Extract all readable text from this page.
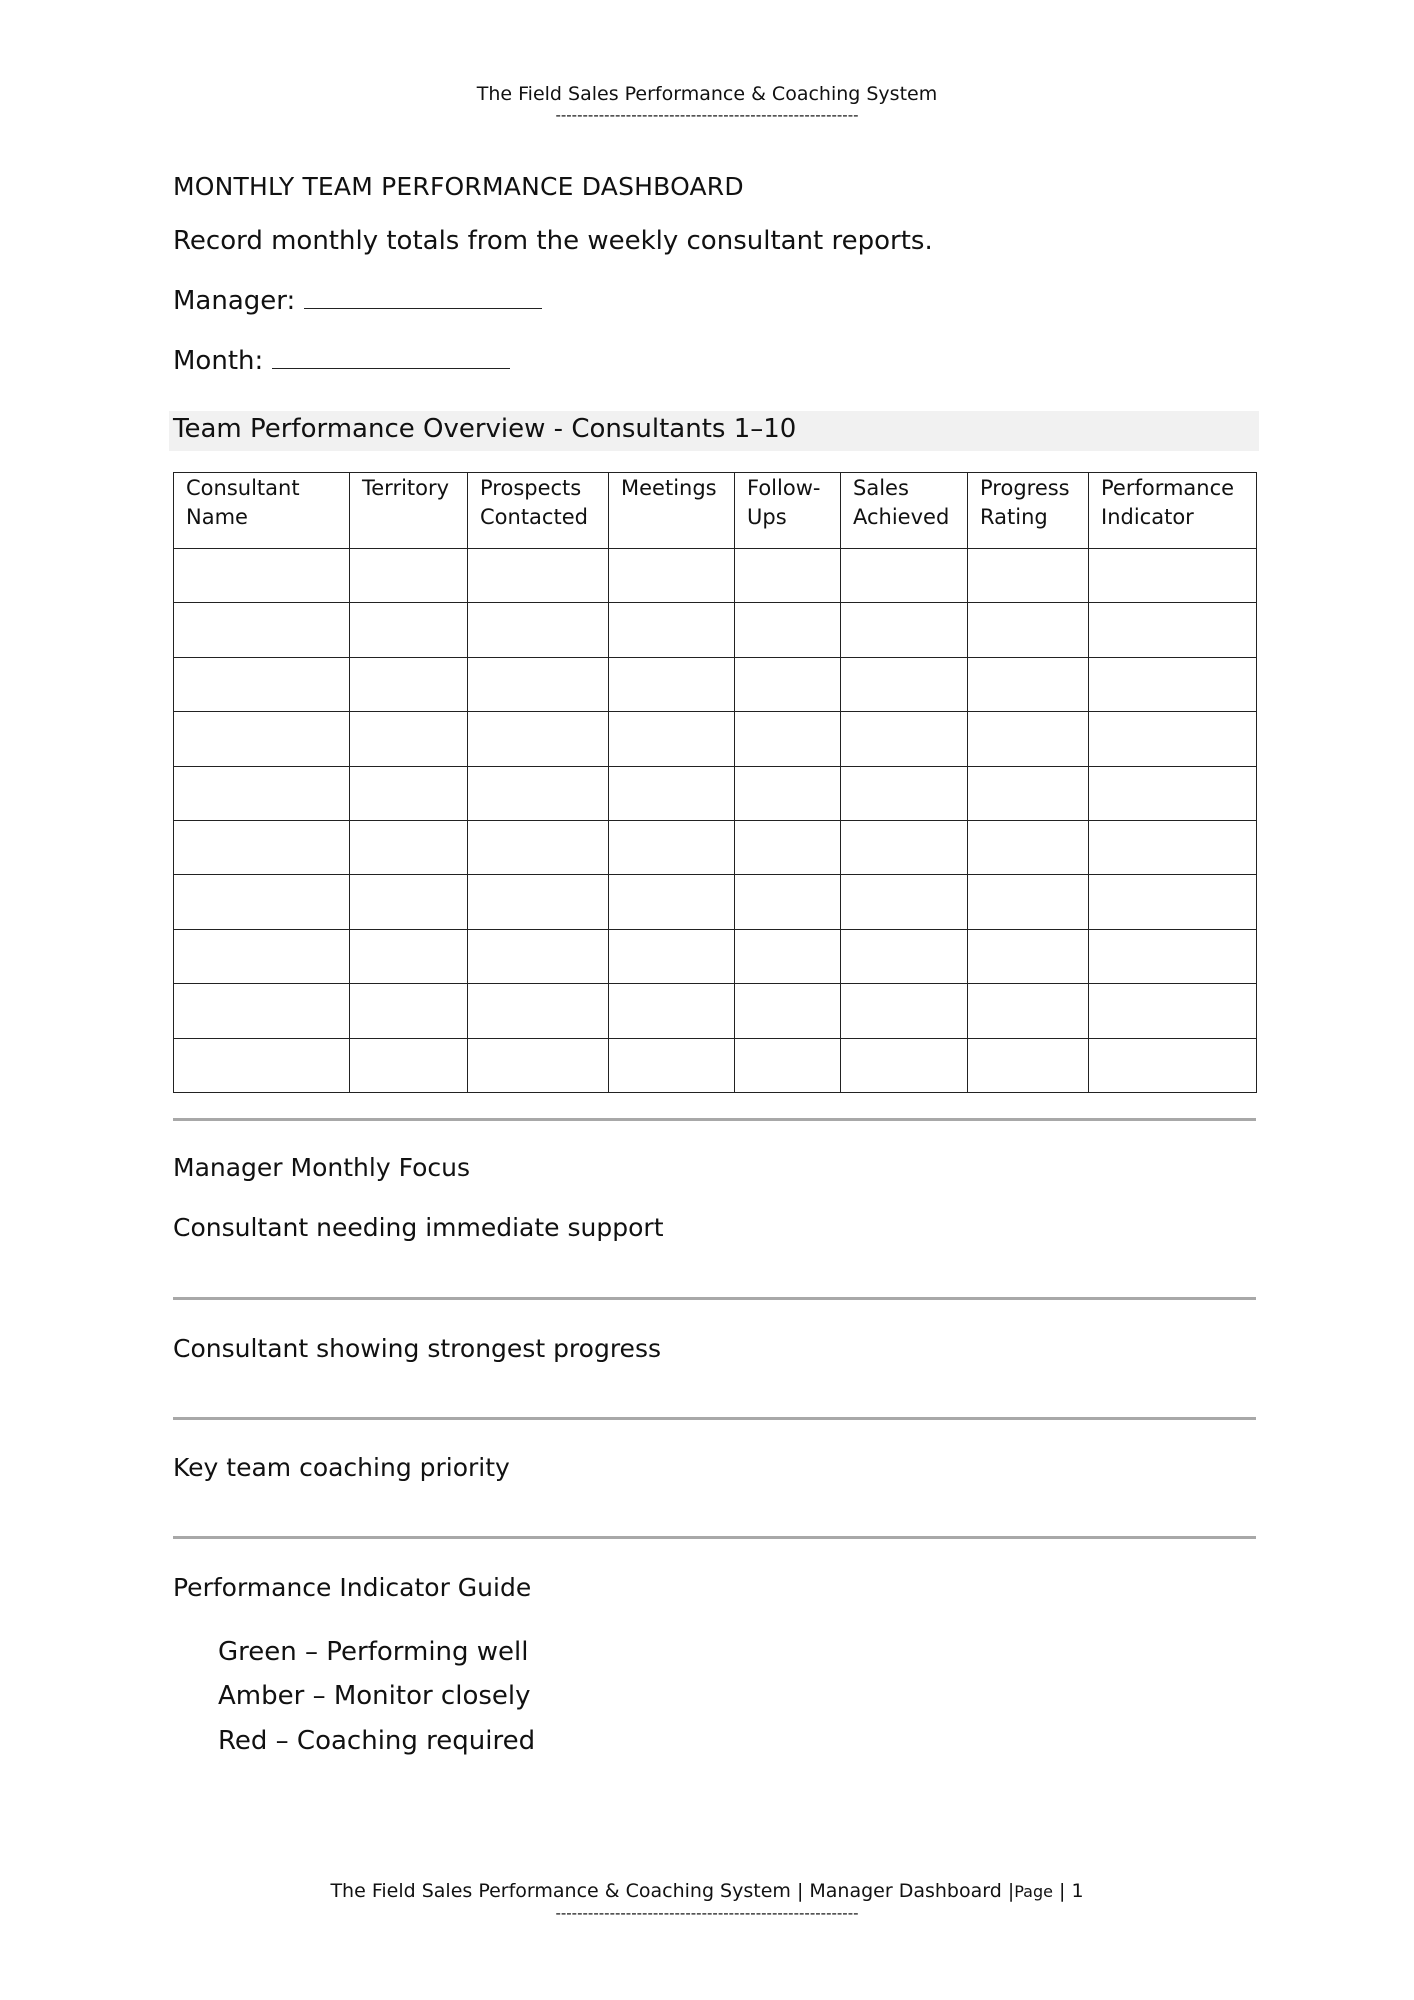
The Field Sales Performance & Coaching System
--------------------------------------------------------
MONTHLY TEAM PERFORMANCE DASHBOARD
Record monthly totals from the weekly consultant reports.
Manager:
Month:
Team Performance Overview - Consultants 1–10
Consultant Name	Territory	Prospects Contacted	Meetings	Follow-Ups	Sales Achieved	Progress Rating	Performance Indicator

Manager Monthly Focus
Consultant needing immediate support
Consultant showing strongest progress
Key team coaching priority
Performance Indicator Guide
Green – Performing well
Amber – Monitor closely
Red – Coaching required
The Field Sales Performance & Coaching System | Manager Dashboard |Page | 1
--------------------------------------------------------
